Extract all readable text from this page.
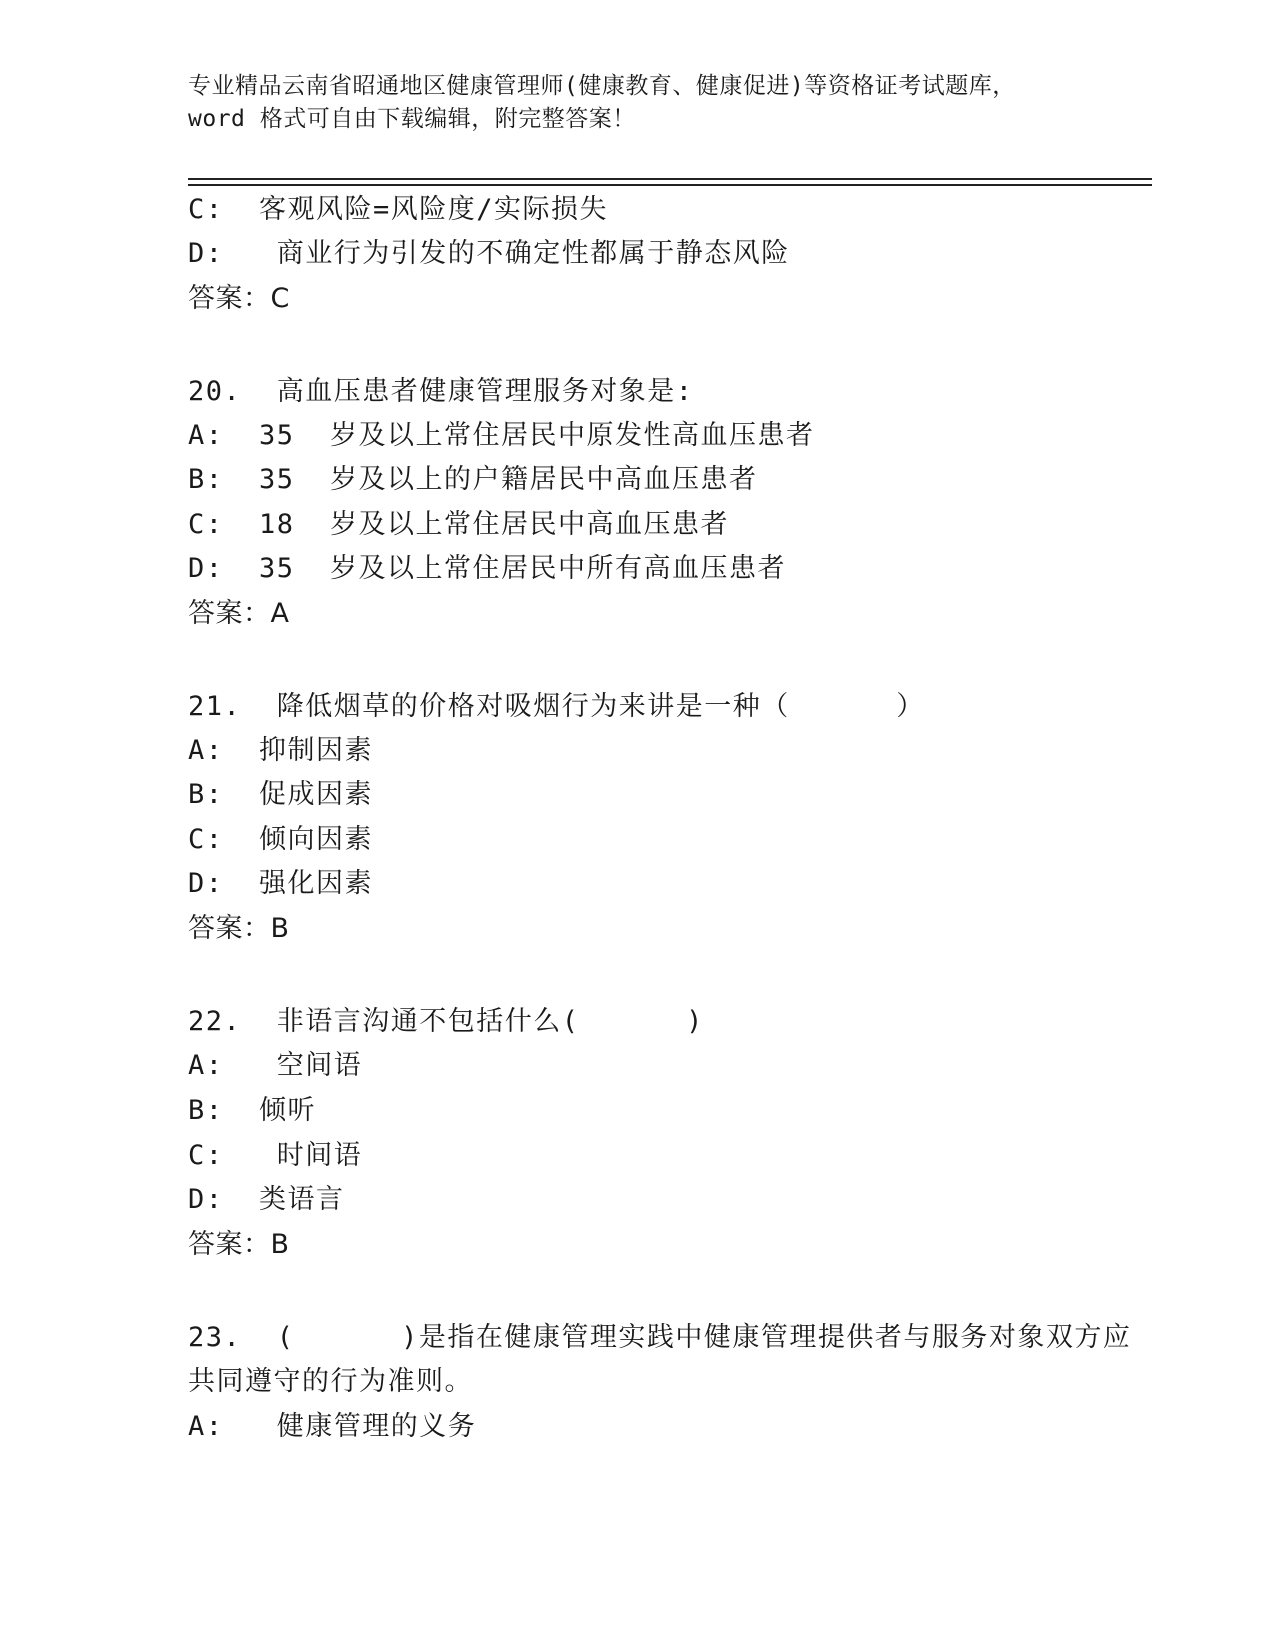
专业精品云南省昭通地区健康管理师(健康教育、健康促进)等资格证考试题库，
word 格式可自由下载编辑，附完整答案！
C:  客观风险=风险度/实际损失
D:   商业行为引发的不确定性都属于静态风险
答案：C
20.  高血压患者健康管理服务对象是:
A:  35  岁及以上常住居民中原发性高血压患者
B:  35  岁及以上的户籍居民中高血压患者
C:  18  岁及以上常住居民中高血压患者
D:  35  岁及以上常住居民中所有高血压患者
答案：A
21.  降低烟草的价格对吸烟行为来讲是一种（      ）
A:  抑制因素
B:  促成因素
C:  倾向因素
D:  强化因素
答案：B
22.  非语言沟通不包括什么(      )
A:   空间语
B:  倾听
C:   时间语
D:  类语言
答案：B
23.  (      )是指在健康管理实践中健康管理提供者与服务对象双方应
共同遵守的行为准则。
A:   健康管理的义务
